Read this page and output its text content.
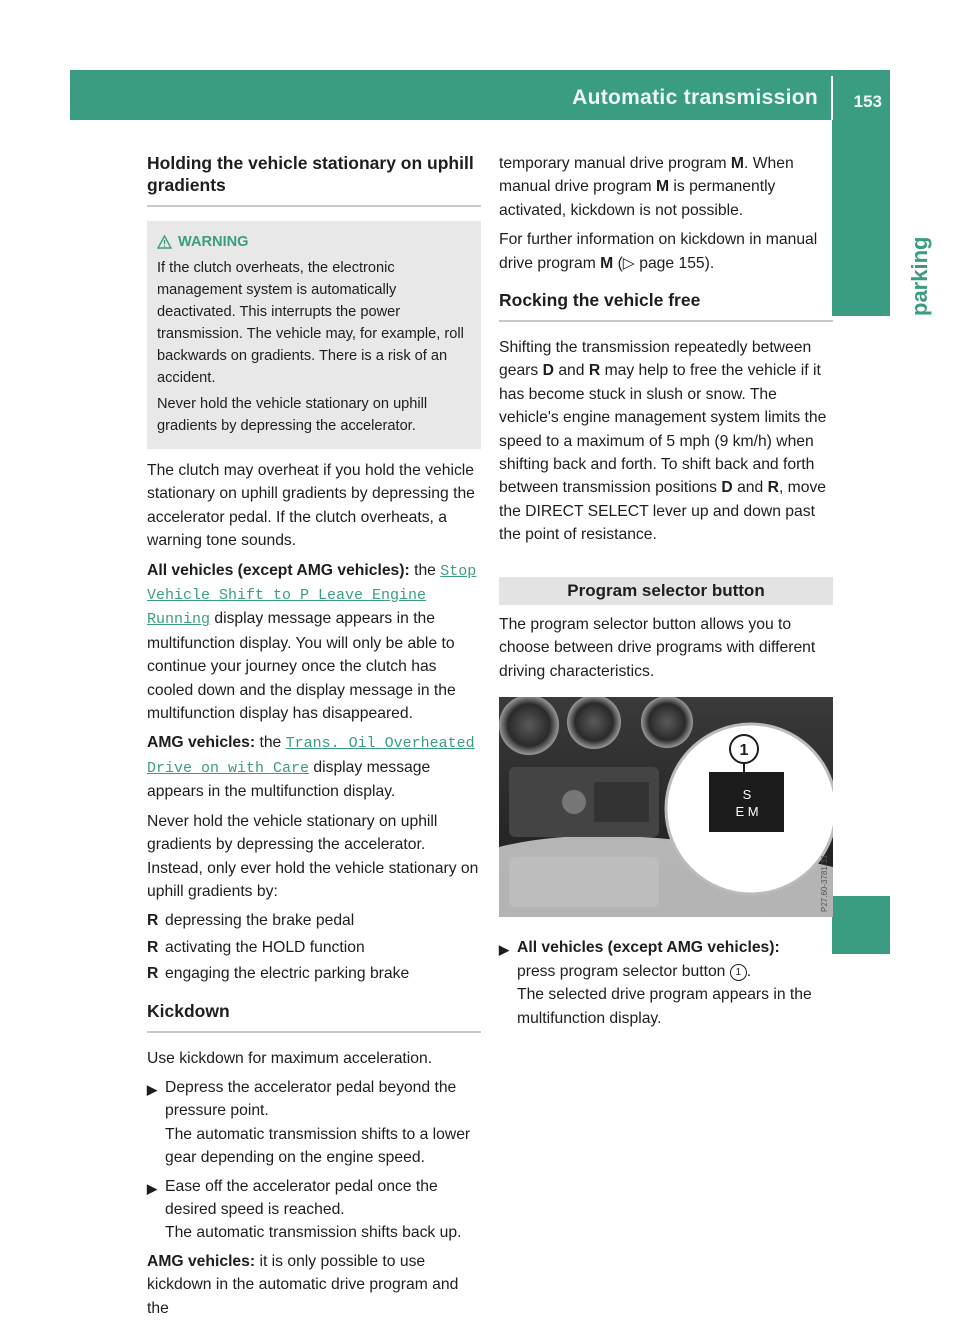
Automatic transmission 153
Driving and parking
Holding the vehicle stationary on uphill gradients
WARNING

If the clutch overheats, the electronic management system is automatically deactivated. This interrupts the power transmission. The vehicle may, for example, roll backwards on gradients. There is a risk of an accident.

Never hold the vehicle stationary on uphill gradients by depressing the accelerator.

The clutch may overheat if you hold the vehicle stationary on uphill gradients by depressing the accelerator pedal. If the clutch overheats, a warning tone sounds.

All vehicles (except AMG vehicles): the Stop Vehicle Shift to P Leave Engine Running display message appears in the multifunction display. You will only be able to continue your journey once the clutch has cooled down and the display message in the multifunction display has disappeared.

AMG vehicles: the Trans. Oil Overheated Drive on with Care display message appears in the multifunction display.

Never hold the vehicle stationary on uphill gradients by depressing the accelerator.

Instead, only ever hold the vehicle stationary on uphill gradients by:

R depressing the brake pedal
R activating the HOLD function
R engaging the electric parking brake
Kickdown

Use kickdown for maximum acceleration.

▶ Depress the accelerator pedal beyond the pressure point.
The automatic transmission shifts to a lower gear depending on the engine speed.
▶ Ease off the accelerator pedal once the desired speed is reached.
The automatic transmission shifts back up.

AMG vehicles: it is only possible to use kickdown in the automatic drive program and the

temporary manual drive program M. When manual drive program M is permanently activated, kickdown is not possible.

For further information on kickdown in manual drive program M (▷ page 155).

Rocking the vehicle free

Shifting the transmission repeatedly between gears D and R may help to free the vehicle if it has become stuck in slush or snow. The vehicle's engine management system limits the speed to a maximum of 5 mph (9 km/h) when shifting back and forth. To shift back and forth between transmission positions D and R, move the DIRECT SELECT lever up and down past the point of resistance.

Program selector button

The program selector button allows you to choose between drive programs with different driving characteristics.

1
S
E M
P27.60-3781-31
▶ All vehicles (except AMG vehicles):
press program selector button 1 .
The selected drive program appears in the multifunction display.
